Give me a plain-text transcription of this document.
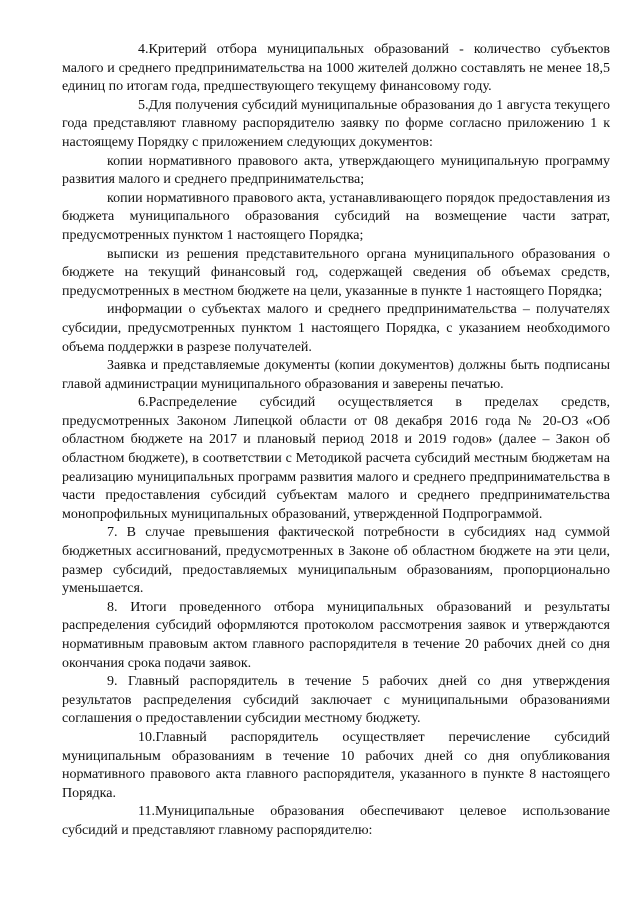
4.Критерий отбора муниципальных образований - количество субъектов малого и среднего предпринимательства на 1000 жителей должно составлять не менее 18,5 единиц по итогам года, предшествующего текущему финансовому году.

5.Для получения субсидий муниципальные образования до 1 августа текущего года представляют главному распорядителю заявку по форме согласно приложению 1 к настоящему Порядку с приложением следующих документов:

копии нормативного правового акта, утверждающего муниципальную программу развития малого и среднего предпринимательства;

копии нормативного правового акта, устанавливающего порядок предоставления из бюджета муниципального образования субсидий на возмещение части затрат, предусмотренных пунктом 1 настоящего Порядка;

выписки из решения представительного органа муниципального образования о бюджете на текущий финансовый год, содержащей сведения об объемах средств, предусмотренных в местном бюджете на цели, указанные в пункте 1 настоящего Порядка;

информации о субъектах малого и среднего предпринимательства – получателях субсидии, предусмотренных пунктом 1 настоящего Порядка, с указанием необходимого объема поддержки в разрезе получателей.

Заявка и представляемые документы (копии документов) должны быть подписаны главой администрации муниципального образования и заверены печатью.

6.Распределение субсидий осуществляется в пределах средств, предусмотренных Законом Липецкой области от 08 декабря 2016 года № 20-ОЗ «Об областном бюджете на 2017 и плановый период 2018 и 2019 годов» (далее – Закон об областном бюджете), в соответствии с Методикой расчета субсидий местным бюджетам на реализацию муниципальных программ развития малого и среднего предпринимательства в части предоставления субсидий субъектам малого и среднего предпринимательства монопрофильных муниципальных образований, утвержденной Подпрограммой.

7. В случае превышения фактической потребности в субсидиях над суммой бюджетных ассигнований, предусмотренных в Законе об областном бюджете на эти цели, размер субсидий, предоставляемых муниципальным образованиям, пропорционально уменьшается.

8. Итоги проведенного отбора муниципальных образований и результаты распределения субсидий оформляются протоколом рассмотрения заявок и утверждаются нормативным правовым актом главного распорядителя в течение 20 рабочих дней со дня окончания срока подачи заявок.

9. Главный распорядитель в течение 5 рабочих дней со дня утверждения результатов распределения субсидий заключает с муниципальными образованиями соглашения о предоставлении субсидии местному бюджету.

10.Главный распорядитель осуществляет перечисление субсидий муниципальным образованиям в течение 10 рабочих дней со дня опубликования нормативного правового акта главного распорядителя, указанного в пункте 8 настоящего Порядка.

11.Муниципальные образования обеспечивают целевое использование субсидий и представляют главному распорядителю:
